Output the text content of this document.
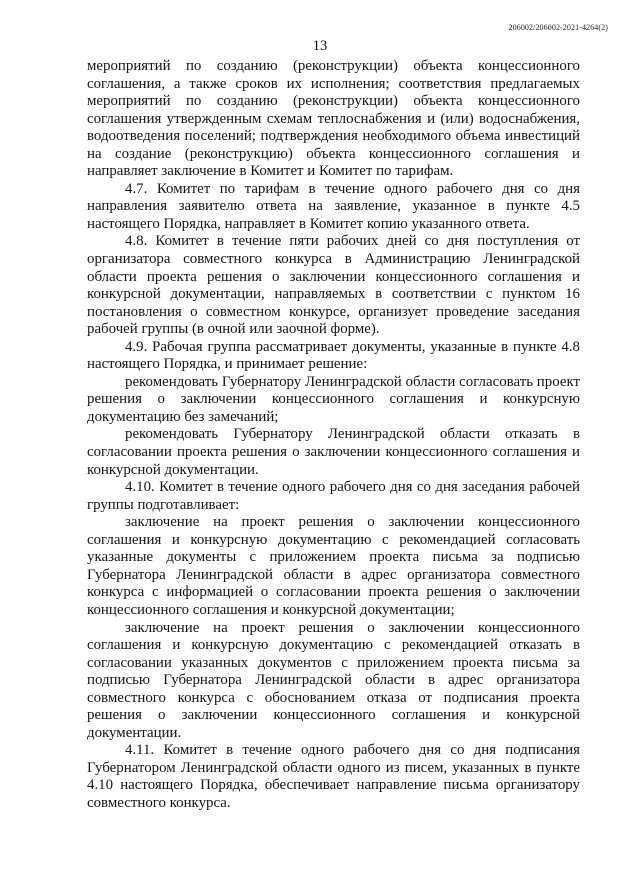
206002/206002-2021-4264(2)
13

мероприятий по созданию (реконструкции) объекта концессионного соглашения, а также сроков их исполнения; соответствия предлагаемых мероприятий по созданию (реконструкции) объекта концессионного соглашения утвержденным схемам теплоснабжения и (или) водоснабжения, водоотведения поселений; подтверждения необходимого объема инвестиций на создание (реконструкцию) объекта концессионного соглашения и направляет заключение в Комитет и Комитет по тарифам.

4.7. Комитет по тарифам в течение одного рабочего дня со дня направления заявителю ответа на заявление, указанное в пункте 4.5 настоящего Порядка, направляет в Комитет копию указанного ответа.

4.8. Комитет в течение пяти рабочих дней со дня поступления от организатора совместного конкурса в Администрацию Ленинградской области проекта решения о заключении концессионного соглашения и конкурсной документации, направляемых в соответствии с пунктом 16 постановления о совместном конкурсе, организует проведение заседания рабочей группы (в очной или заочной форме).

4.9. Рабочая группа рассматривает документы, указанные в пункте 4.8 настоящего Порядка, и принимает решение:

рекомендовать Губернатору Ленинградской области согласовать проект решения о заключении концессионного соглашения и конкурсную документацию без замечаний;

рекомендовать Губернатору Ленинградской области отказать в согласовании проекта решения о заключении концессионного соглашения и конкурсной документации.

4.10. Комитет в течение одного рабочего дня со дня заседания рабочей группы подготавливает:

заключение на проект решения о заключении концессионного соглашения и конкурсную документацию с рекомендацией согласовать указанные документы с приложением проекта письма за подписью Губернатора Ленинградской области в адрес организатора совместного конкурса с информацией о согласовании проекта решения о заключении концессионного соглашения и конкурсной документации;

заключение на проект решения о заключении концессионного соглашения и конкурсную документацию с рекомендацией отказать в согласовании указанных документов с приложением проекта письма за подписью Губернатора Ленинградской области в адрес организатора совместного конкурса с обоснованием отказа от подписания проекта решения о заключении концессионного соглашения и конкурсной документации.

4.11. Комитет в течение одного рабочего дня со дня подписания Губернатором Ленинградской области одного из писем, указанных в пункте 4.10 настоящего Порядка, обеспечивает направление письма организатору совместного конкурса.
